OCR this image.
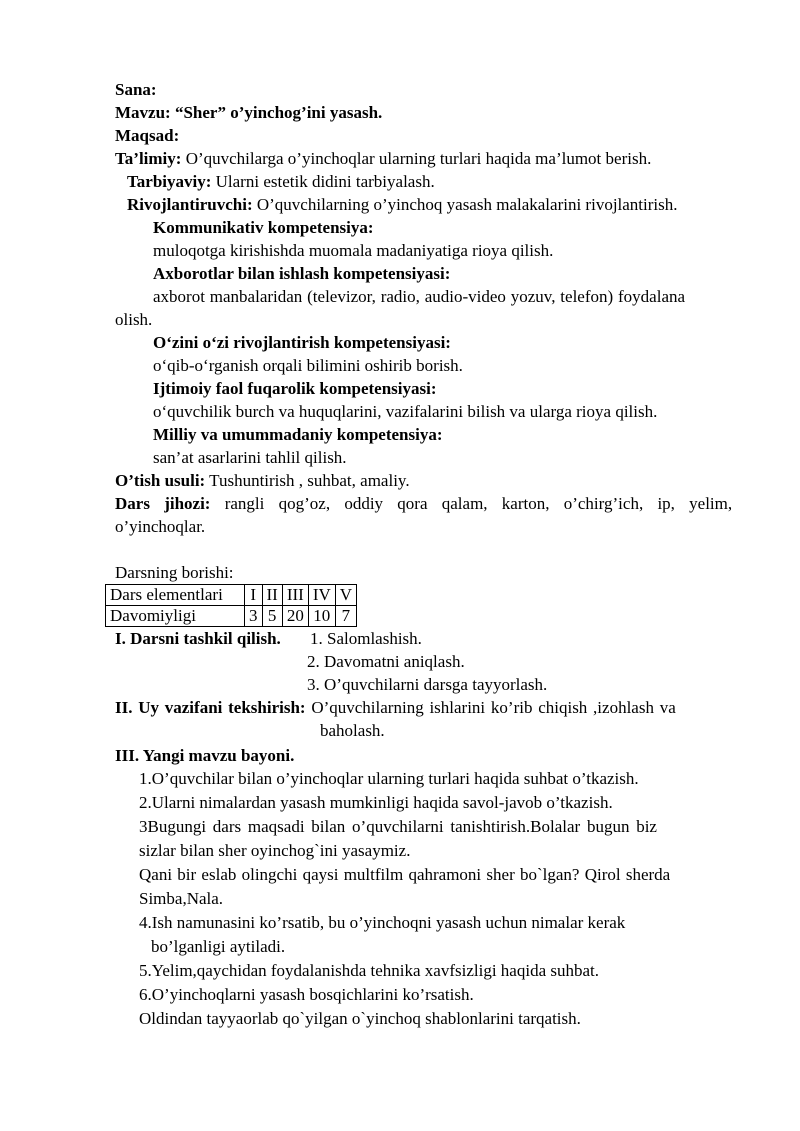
Sana:
Mavzu: “Sher” o’yinchog’ini yasash.
Maqsad:
Ta’limiy: O’quvchilarga o’yinchoqlar ularning turlari haqida ma’lumot berish.
Tarbiyaviy: Ularni estetik didini tarbiyalash.
Rivojlantiruvchi: O’quvchilarning o’yinchoq yasash malakalarini rivojlantirish.
Kommunikativ kompetensiya:
muloqotga kirishishda muomala madaniyatiga rioya qilish.
Axborotlar bilan ishlash kompetensiyasi:
axborot manbalaridan (televizor, radio, audio-video yozuv, telefon) foydalana
olish.
O‘zini o‘zi rivojlantirish kompetensiyasi:
o‘qib-o‘rganish orqali bilimini oshirib borish.
Ijtimoiy faol fuqarolik kompetensiyasi:
o‘quvchilik burch va huquqlarini, vazifalarini bilish va ularga rioya qilish.
Milliy va umummadaniy kompetensiya:
san’at asarlarini tahlil qilish.
O’tish usuli: Tushuntirish , suhbat, amaliy.
Dars jihozi: rangli qog’oz, oddiy qora qalam, karton, o’chirg’ich, ip, yelim,
o’yinchoqlar.
Darsning borishi:
Dars elementlari	I	II	III	IV	V
Davomiyligi	3	5	20	10	7
I. Darsni tashkil qilish. 1. Salomlashish.
2. Davomatni aniqlash.
3. O’quvchilarni darsga tayyorlash.
II. Uy vazifani tekshirish: O’quvchilarning ishlarini ko’rib chiqish ,izohlash va
baholash.
III. Yangi mavzu bayoni.
1.O’quvchilar bilan o’yinchoqlar ularning turlari haqida suhbat o’tkazish.
2.Ularni nimalardan yasash mumkinligi haqida savol-javob o’tkazish.
3Bugungi dars maqsadi bilan o’quvchilarni tanishtirish.Bolalar bugun biz
sizlar bilan sher oyinchog`ini yasaymiz.
Qani bir eslab olingchi qaysi multfilm qahramoni sher bo`lgan? Qirol sherda
Simba,Nala.
4.Ish namunasini ko’rsatib, bu o’yinchoqni yasash uchun nimalar kerak
bo’lganligi aytiladi.
5.Yelim,qaychidan foydalanishda tehnika xavfsizligi haqida suhbat.
6.O’yinchoqlarni yasash bosqichlarini ko’rsatish.
Oldindan tayyaorlab qo`yilgan o`yinchoq shablonlarini tarqatish.
